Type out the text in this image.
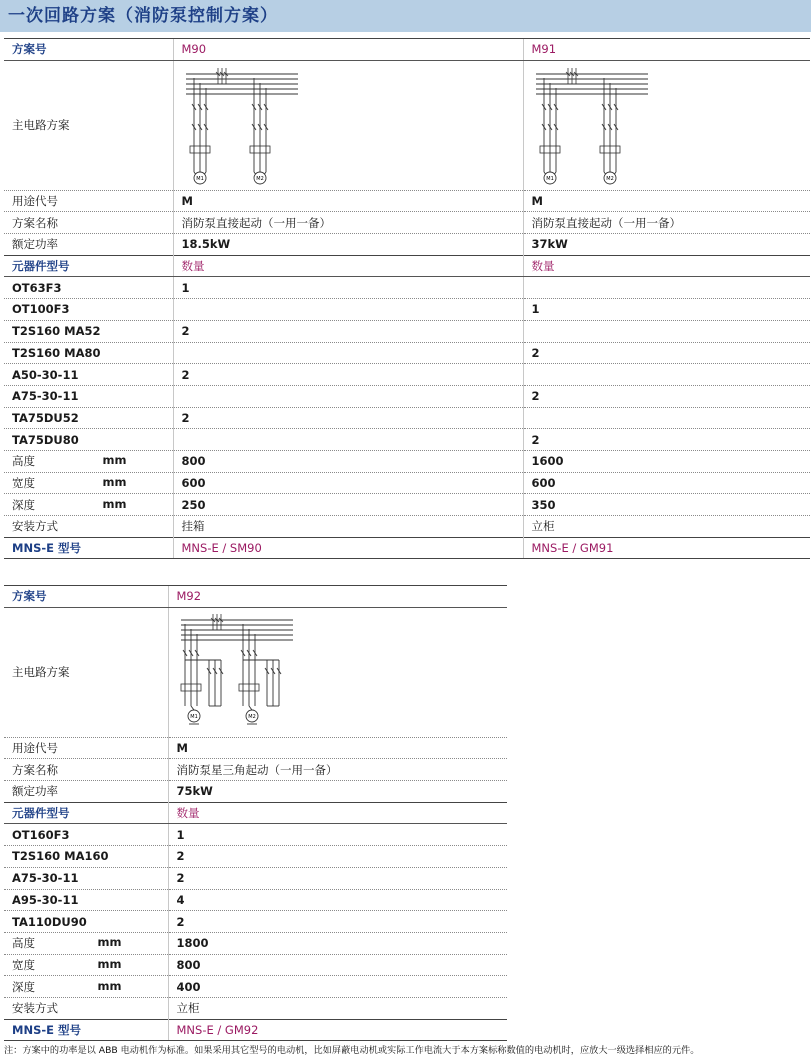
一次回路方案（消防泵控制方案）
方案号	M90	M91
主电路方案	M1 M2	M1 M2

用途代号	M	M
方案名称	消防泵直接起动（一用一备）	消防泵直接起动（一用一备）
额定功率	18.5kW	37kW
元器件型号	数量	数量
OT63F3	1	
OT100F3		1
T2S160 MA52	2	
T2S160 MA80		2
A50-30-11	2	
A75-30-11		2
TA75DU52	2	
TA75DU80		2
高度 mm	800	1600
宽度 mm	600	600
深度 mm	250	350
安装方式	挂箱	立柜
MNS-E 型号	MNS-E / SM90	MNS-E / GM91
方案号	M92
主电路方案	M1 M2

用途代号	M
方案名称	消防泵星三角起动（一用一备）
额定功率	75kW
元器件型号	数量
OT160F3	1
T2S160 MA160	2
A75-30-11	2
A95-30-11	4
TA110DU90	2
高度 mm	1800
宽度 mm	800
深度 mm	400
安装方式	立柜
MNS-E 型号	MNS-E / GM92
注：方案中的功率是以 ABB 电动机作为标准。如果采用其它型号的电动机，比如屏蔽电动机或实际工作电流大于本方案标称数值的电动机时，应放大一级选择相应的元件。
